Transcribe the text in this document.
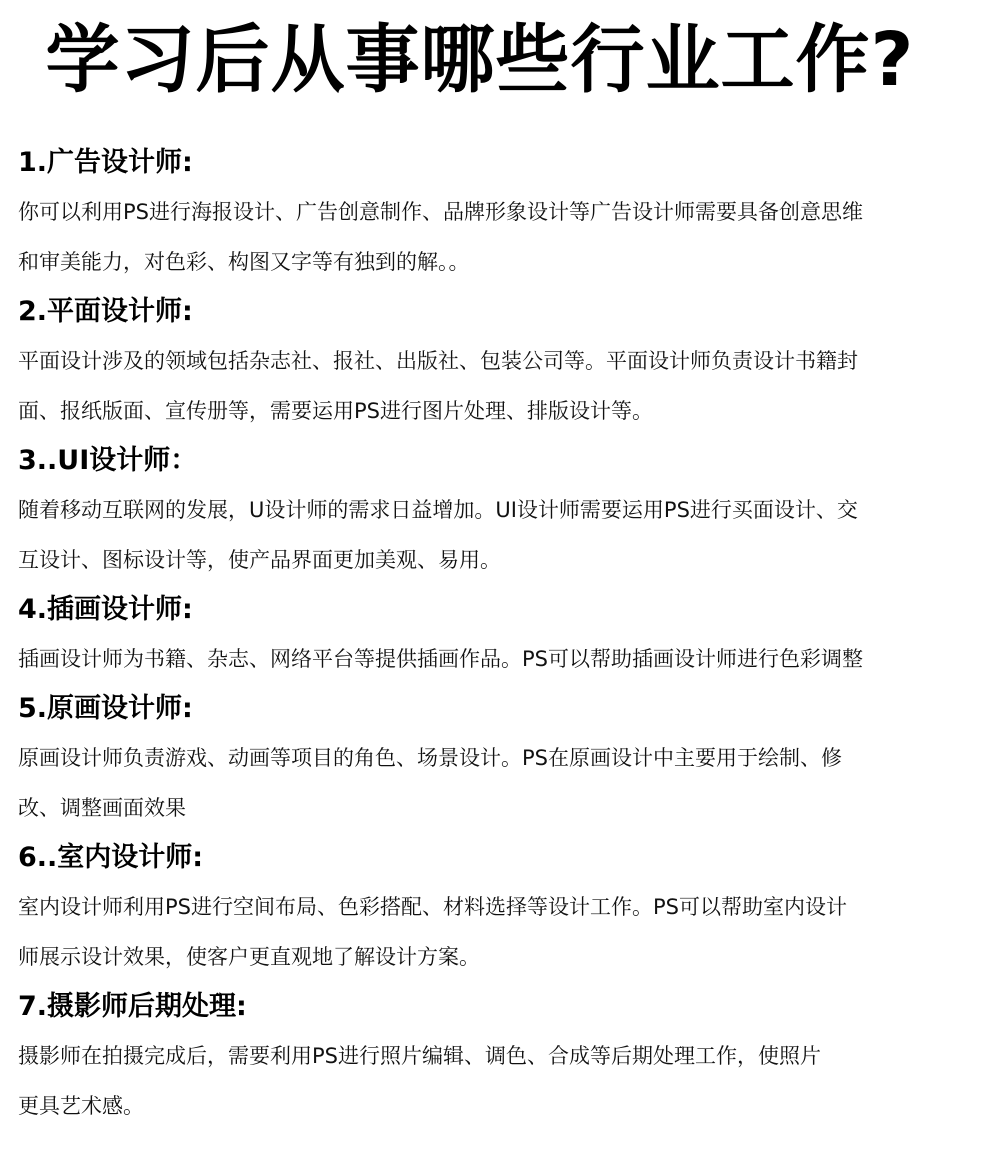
学习后从事哪些行业工作?
1.广告设计师:

你可以利用PS进行海报设计、广告创意制作、品牌形象设计等广告设计师需要具备创意思维

和审美能力，对色彩、构图又字等有独到的解。。

2.平面设计师:

平面设计涉及的领域包括杂志社、报社、出版社、包装公司等。平面设计师负责设计书籍封

面、报纸版面、宣传册等，需要运用PS进行图片处理、排版设计等。

3..UI设计师：

随着移动互联网的发展，U设计师的需求日益增加。UI设计师需要运用PS进行买面设计、交

互设计、图标设计等，使产品界面更加美观、易用。

4.插画设计师:

插画设计师为书籍、杂志、网络平台等提供插画作品。PS可以帮助插画设计师进行色彩调整

5.原画设计师:

原画设计师负责游戏、动画等项目的角色、场景设计。PS在原画设计中主要用于绘制、修

改、调整画面效果

6..室内设计师:

室内设计师利用PS进行空间布局、色彩搭配、材料选择等设计工作。PS可以帮助室内设计

师展示设计效果，使客户更直观地了解设计方案。

7.摄影师后期处理:

摄影师在拍摄完成后，需要利用PS进行照片编辑、调色、合成等后期处理工作，使照片

更具艺术感。
